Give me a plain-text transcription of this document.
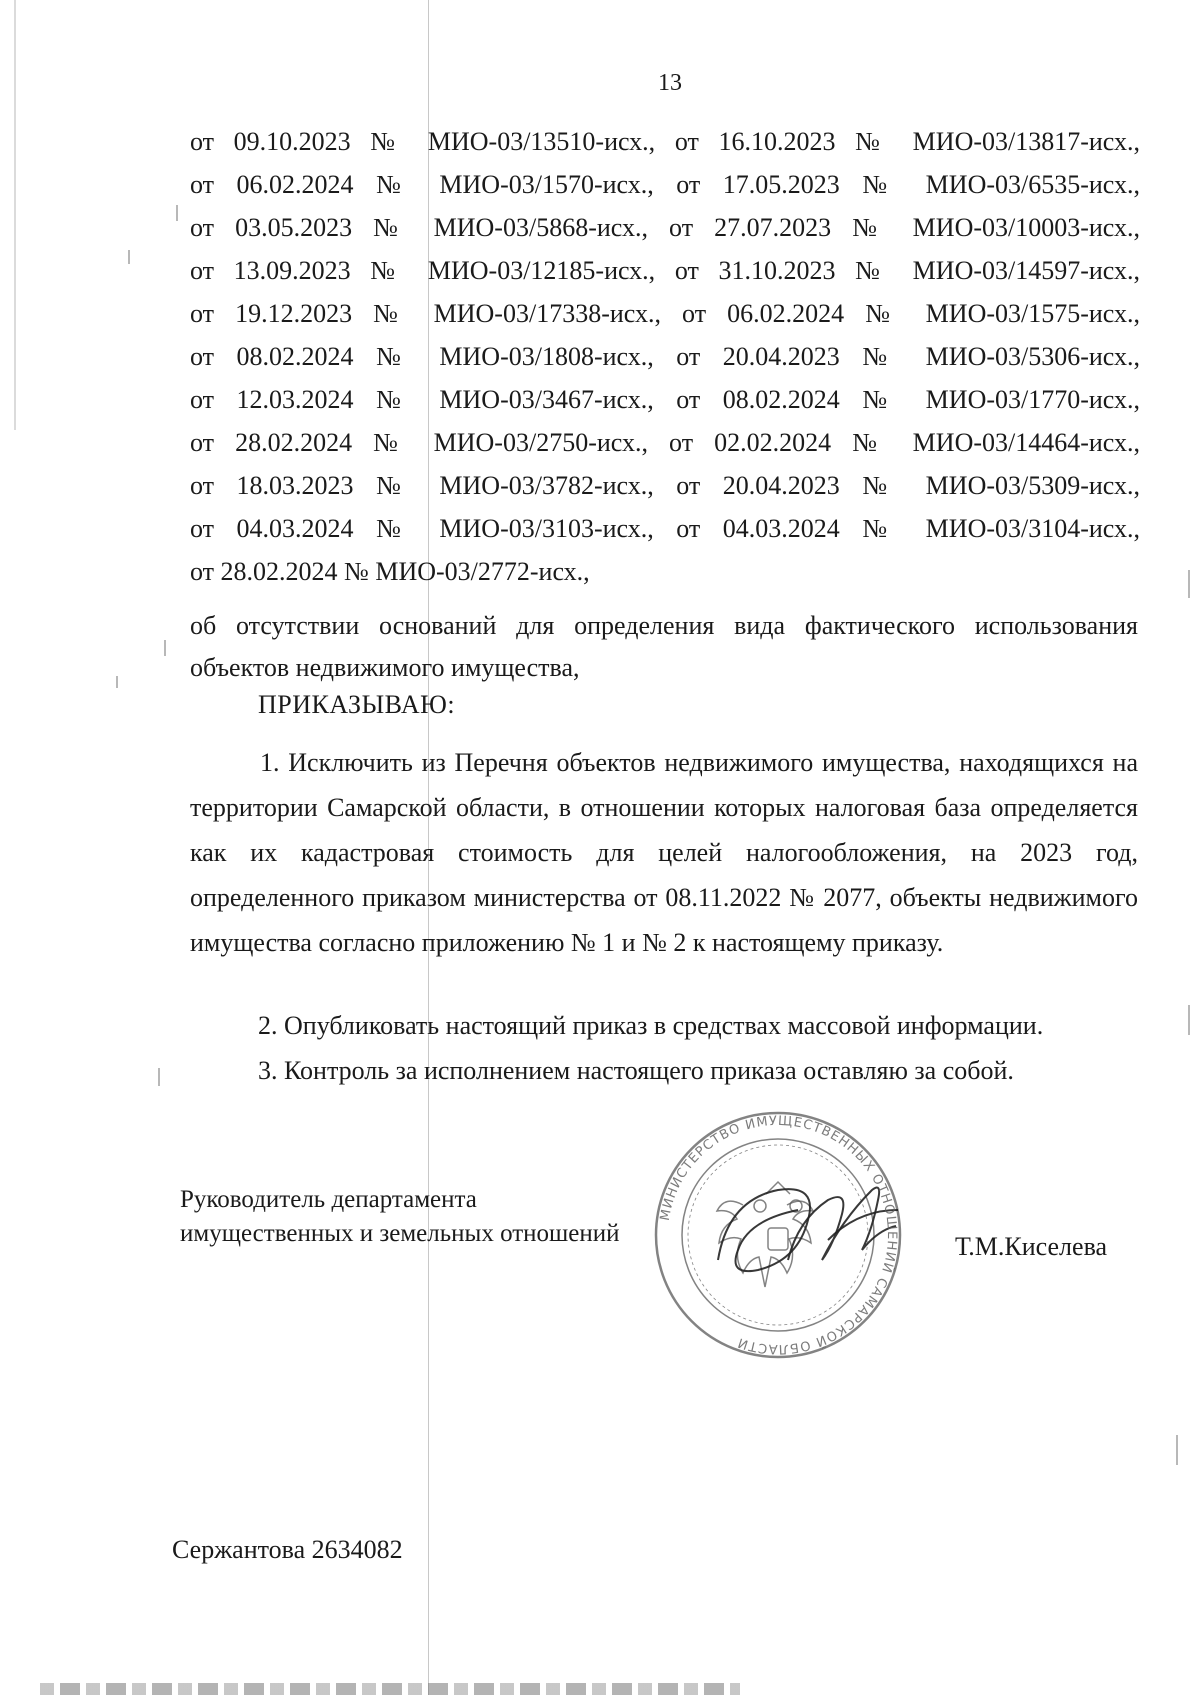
13
от 09.10.2023 № МИО-03/13510-исх., от 16.10.2023 № МИО-03/13817-исх.,
от 06.02.2024 № МИО-03/1570-исх., от 17.05.2023 № МИО-03/6535-исх.,
от 03.05.2023 № МИО-03/5868-исх., от 27.07.2023 № МИО-03/10003-исх.,
от 13.09.2023 № МИО-03/12185-исх., от 31.10.2023 № МИО-03/14597-исх.,
от 19.12.2023 № МИО-03/17338-исх., от 06.02.2024 № МИО-03/1575-исх.,
от 08.02.2024 № МИО-03/1808-исх., от 20.04.2023 № МИО-03/5306-исх.,
от 12.03.2024 № МИО-03/3467-исх., от 08.02.2024 № МИО-03/1770-исх.,
от 28.02.2024 № МИО-03/2750-исх., от 02.02.2024 № МИО-03/14464-исх.,
от 18.03.2023 № МИО-03/3782-исх., от 20.04.2023 № МИО-03/5309-исх.,
от 04.03.2024 № МИО-03/3103-исх., от 04.03.2024 № МИО-03/3104-исх.,
от 28.02.2024 № МИО-03/2772-исх.,

об отсутствии оснований для определения вида фактического использования объектов недвижимого имущества,

ПРИКАЗЫВАЮ:

1. Исключить из Перечня объектов недвижимого имущества, находящихся на территории Самарской области, в отношении которых налоговая база определяется как их кадастровая стоимость для целей налогообложения, на 2023 год, определенного приказом министерства от 08.11.2022 № 2077, объекты недвижимого имущества согласно приложению № 1 и № 2 к настоящему приказу.

2. Опубликовать настоящий приказ в средствах массовой информации.

3. Контроль за исполнением настоящего приказа оставляю за собой.

Руководитель департамента
имущественных и земельных отношений
МИНИСТЕРСТВО ИМУЩЕСТВЕННЫХ ОТНОШЕНИЙ САМАРСКОЙ ОБЛАСТИ
Т.М.Киселева
Сержантова 2634082
